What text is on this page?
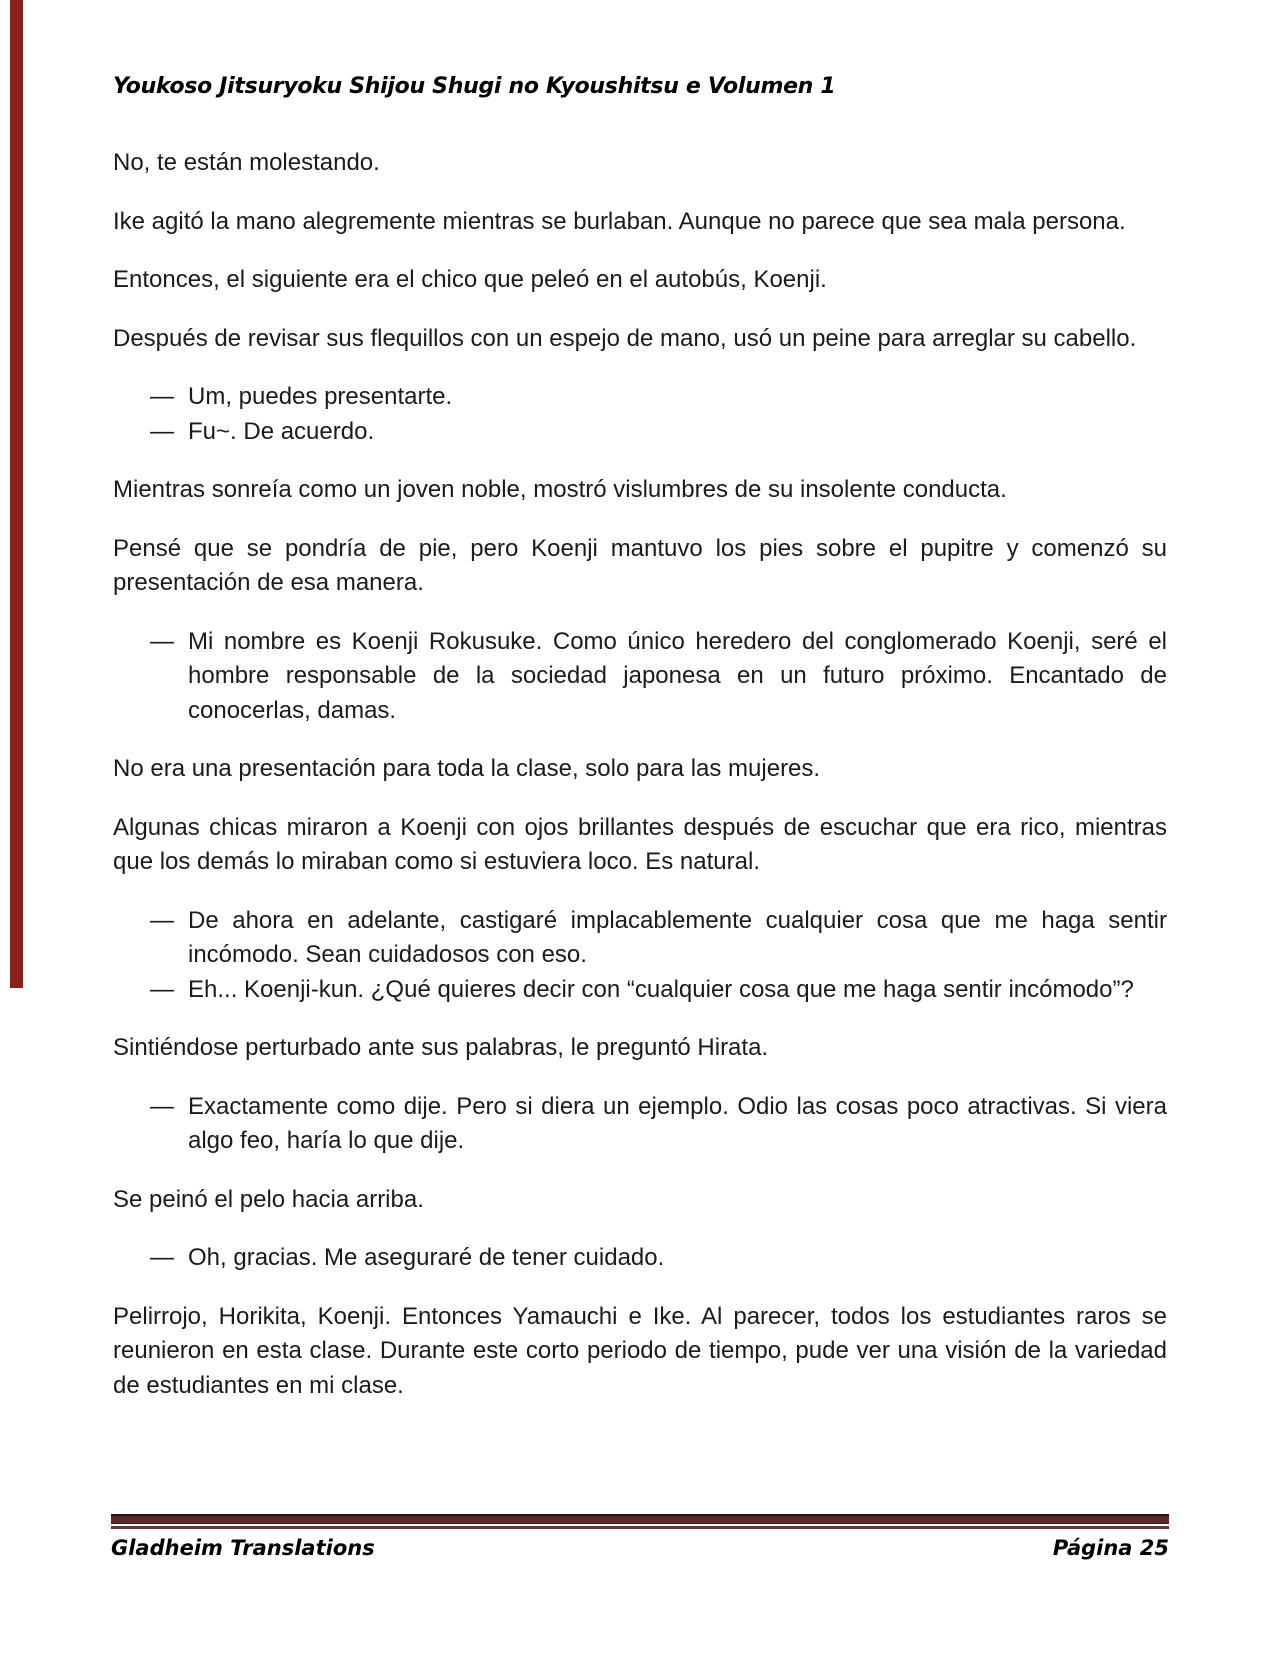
Youkoso Jitsuryoku Shijou Shugi no Kyoushitsu e Volumen 1

No, te están molestando.

Ike agitó la mano alegremente mientras se burlaban. Aunque no parece que sea mala persona.

Entonces, el siguiente era el chico que peleó en el autobús, Koenji.

Después de revisar sus flequillos con un espejo de mano, usó un peine para arreglar su cabello.

— Um, puedes presentarte.

— Fu~. De acuerdo.

Mientras sonreía como un joven noble, mostró vislumbres de su insolente conducta.

Pensé que se pondría de pie, pero Koenji mantuvo los pies sobre el pupitre y comenzó su presentación de esa manera.

— Mi nombre es Koenji Rokusuke. Como único heredero del conglomerado Koenji, seré el hombre responsable de la sociedad japonesa en un futuro próximo. Encantado de conocerlas, damas.

No era una presentación para toda la clase, solo para las mujeres.

Algunas chicas miraron a Koenji con ojos brillantes después de escuchar que era rico, mientras que los demás lo miraban como si estuviera loco. Es natural.

— De ahora en adelante, castigaré implacablemente cualquier cosa que me haga sentir incómodo. Sean cuidadosos con eso.

— Eh... Koenji-kun. ¿Qué quieres decir con “cualquier cosa que me haga sentir incómodo”?

Sintiéndose perturbado ante sus palabras, le preguntó Hirata.

— Exactamente como dije. Pero si diera un ejemplo. Odio las cosas poco atractivas. Si viera algo feo, haría lo que dije.

Se peinó el pelo hacia arriba.

— Oh, gracias. Me aseguraré de tener cuidado.

Pelirrojo, Horikita, Koenji. Entonces Yamauchi e Ike. Al parecer, todos los estudiantes raros se reunieron en esta clase. Durante este corto periodo de tiempo, pude ver una visión de la variedad de estudiantes en mi clase.

Gladheim Translations	Página 25
